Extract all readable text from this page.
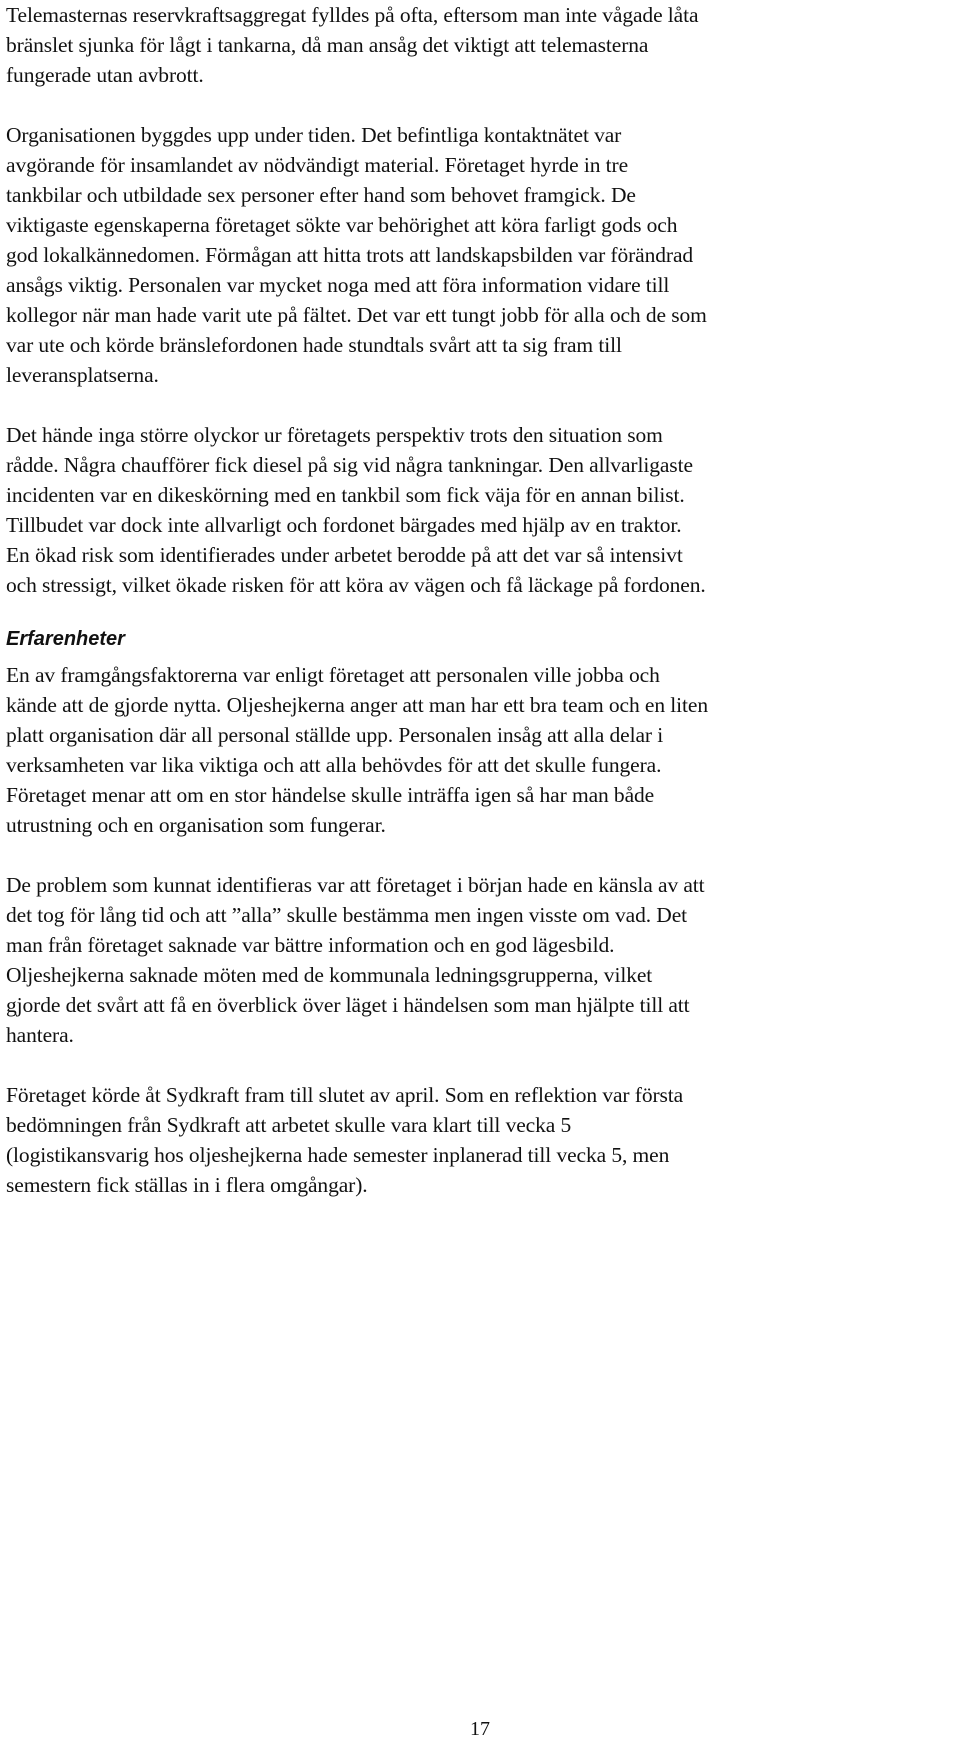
Telemasternas reservkraftsaggregat fylldes på ofta, eftersom man inte vågade låta
bränslet sjunka för lågt i tankarna, då man ansåg det viktigt att telemasterna
fungerade utan avbrott.

Organisationen byggdes upp under tiden. Det befintliga kontaktnätet var
avgörande för insamlandet av nödvändigt material. Företaget hyrde in tre
tankbilar och utbildade sex personer efter hand som behovet framgick. De
viktigaste egenskaperna företaget sökte var behörighet att köra farligt gods och
god lokalkännedomen. Förmågan att hitta trots att landskapsbilden var förändrad
ansågs viktig. Personalen var mycket noga med att föra information vidare till
kollegor när man hade varit ute på fältet. Det var ett tungt jobb för alla och de som
var ute och körde bränslefordonen hade stundtals svårt att ta sig fram till
leveransplatserna.

Det hände inga större olyckor ur företagets perspektiv trots den situation som
rådde. Några chaufförer fick diesel på sig vid några tankningar. Den allvarligaste
incidenten var en dikeskörning med en tankbil som fick väja för en annan bilist.
Tillbudet var dock inte allvarligt och fordonet bärgades med hjälp av en traktor.
En ökad risk som identifierades under arbetet berodde på att det var så intensivt
och stressigt, vilket ökade risken för att köra av vägen och få läckage på fordonen.

Erfarenheter

En av framgångsfaktorerna var enligt företaget att personalen ville jobba och
kände att de gjorde nytta. Oljeshejkerna anger att man har ett bra team och en liten
platt organisation där all personal ställde upp. Personalen insåg att alla delar i
verksamheten var lika viktiga och att alla behövdes för att det skulle fungera.
Företaget menar att om en stor händelse skulle inträffa igen så har man både
utrustning och en organisation som fungerar.

De problem som kunnat identifieras var att företaget i början hade en känsla av att
det tog för lång tid och att ”alla” skulle bestämma men ingen visste om vad. Det
man från företaget saknade var bättre information och en god lägesbild.
Oljeshejkerna saknade möten med de kommunala ledningsgrupperna, vilket
gjorde det svårt att få en överblick över läget i händelsen som man hjälpte till att
hantera.

Företaget körde åt Sydkraft fram till slutet av april. Som en reflektion var första
bedömningen från Sydkraft att arbetet skulle vara klart till vecka 5
(logistikansvarig hos oljeshejkerna hade semester inplanerad till vecka 5, men
semestern fick ställas in i flera omgångar).

17
